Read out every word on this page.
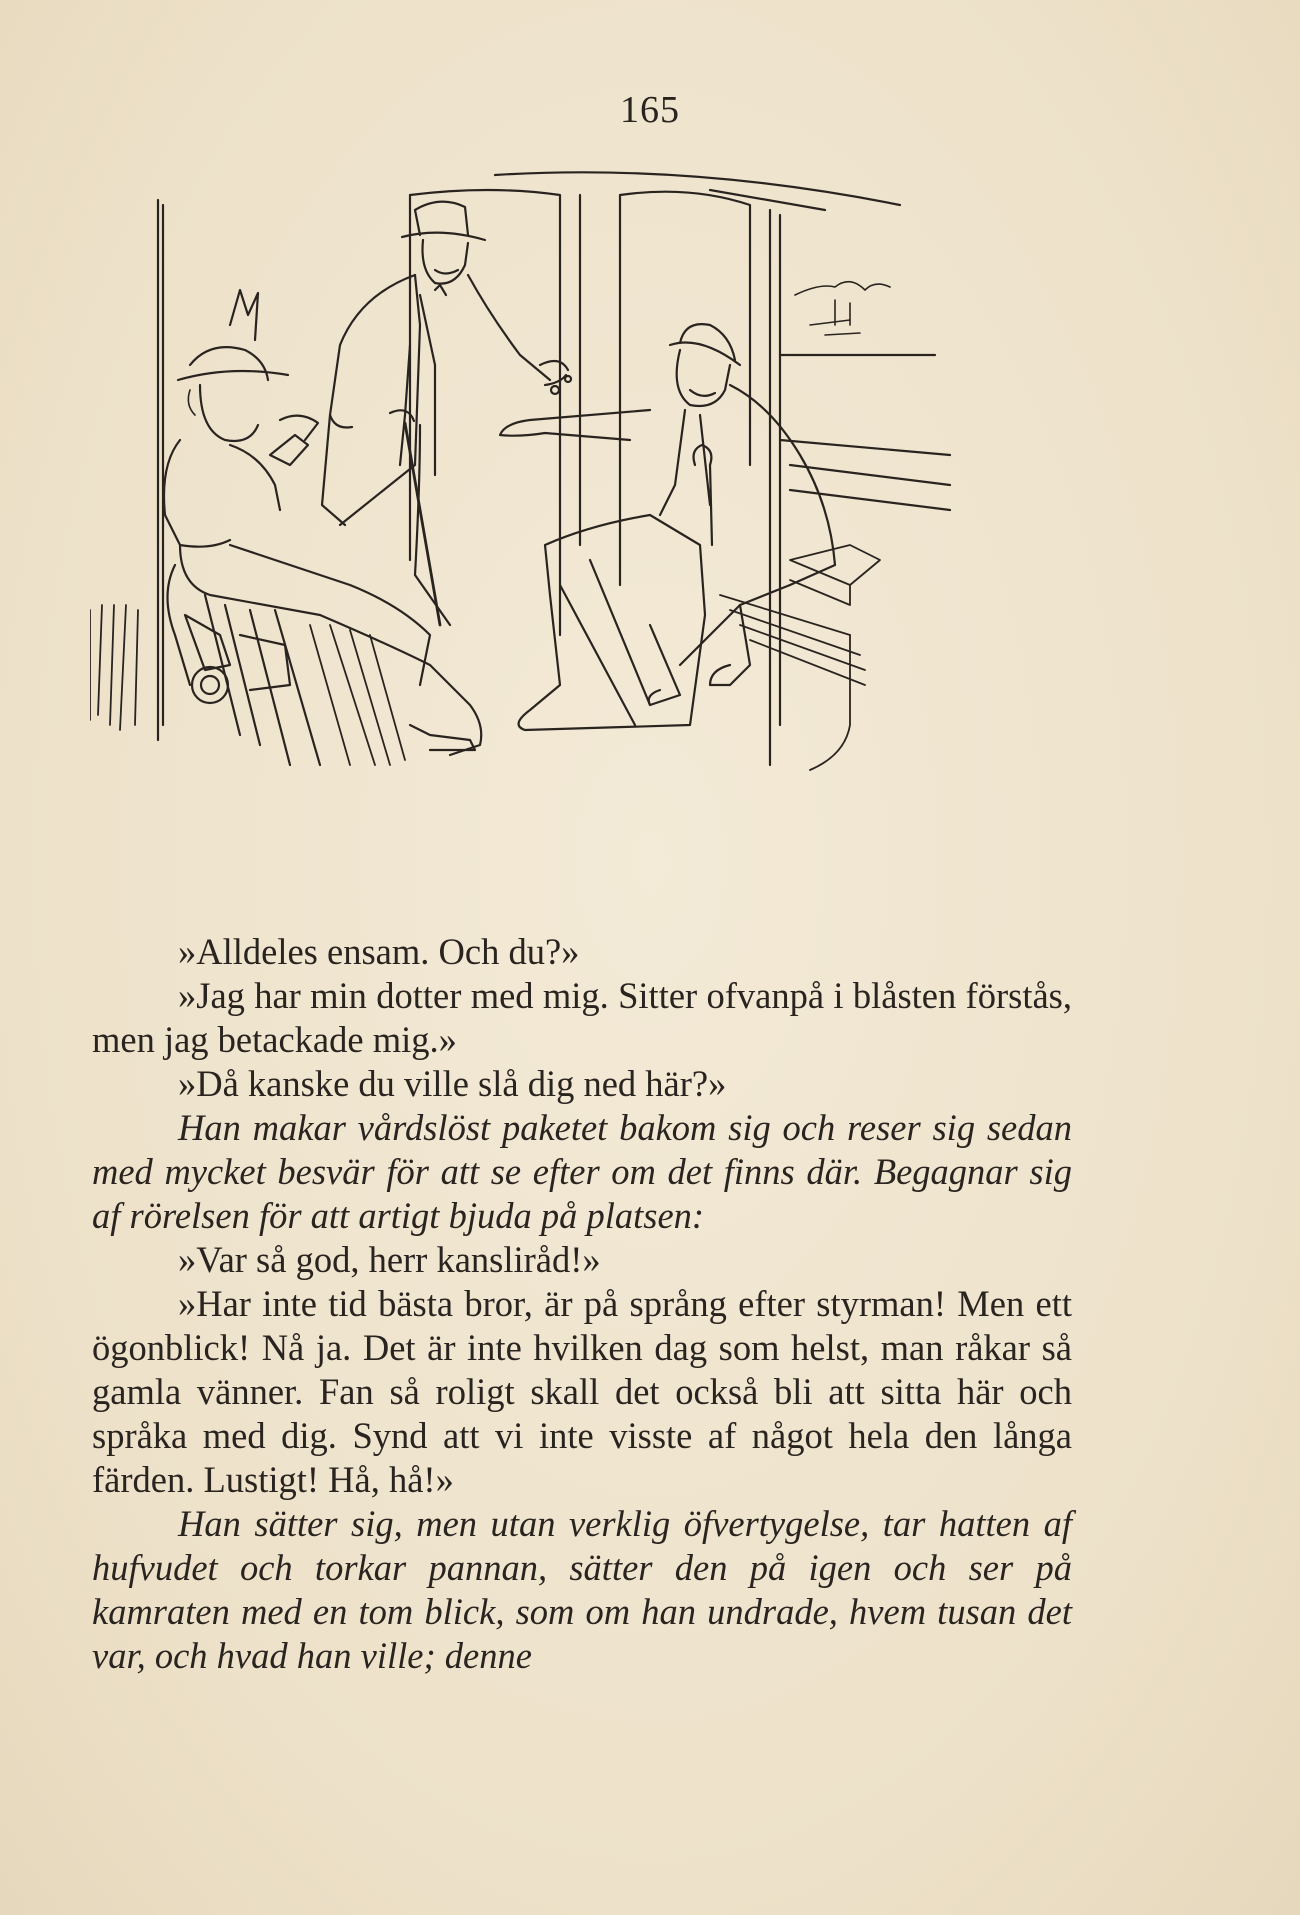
165

»Alldeles ensam. Och du?»

»Jag har min dotter med mig. Sitter ofvanpå i blåsten förstås, men jag betackade mig.»

»Då kanske du ville slå dig ned här?»

Han makar vårdslöst paketet bakom sig och reser sig sedan med mycket besvär för att se efter om det finns där. Begagnar sig af rörelsen för att artigt bjuda på platsen:

»Var så god, herr kansliråd!»

»Har inte tid bästa bror, är på språng efter styrman! Men ett ögonblick! Nå ja. Det är inte hvilken dag som helst, man råkar så gamla vänner. Fan så roligt skall det också bli att sitta här och språka med dig. Synd att vi inte visste af något hela den långa färden. Lustigt! Hå, hå!»

Han sätter sig, men utan verklig öfvertygelse, tar hatten af hufvudet och torkar pannan, sätter den på igen och ser på kamraten med en tom blick, som om han undrade, hvem tusan det var, och hvad han ville; denne
